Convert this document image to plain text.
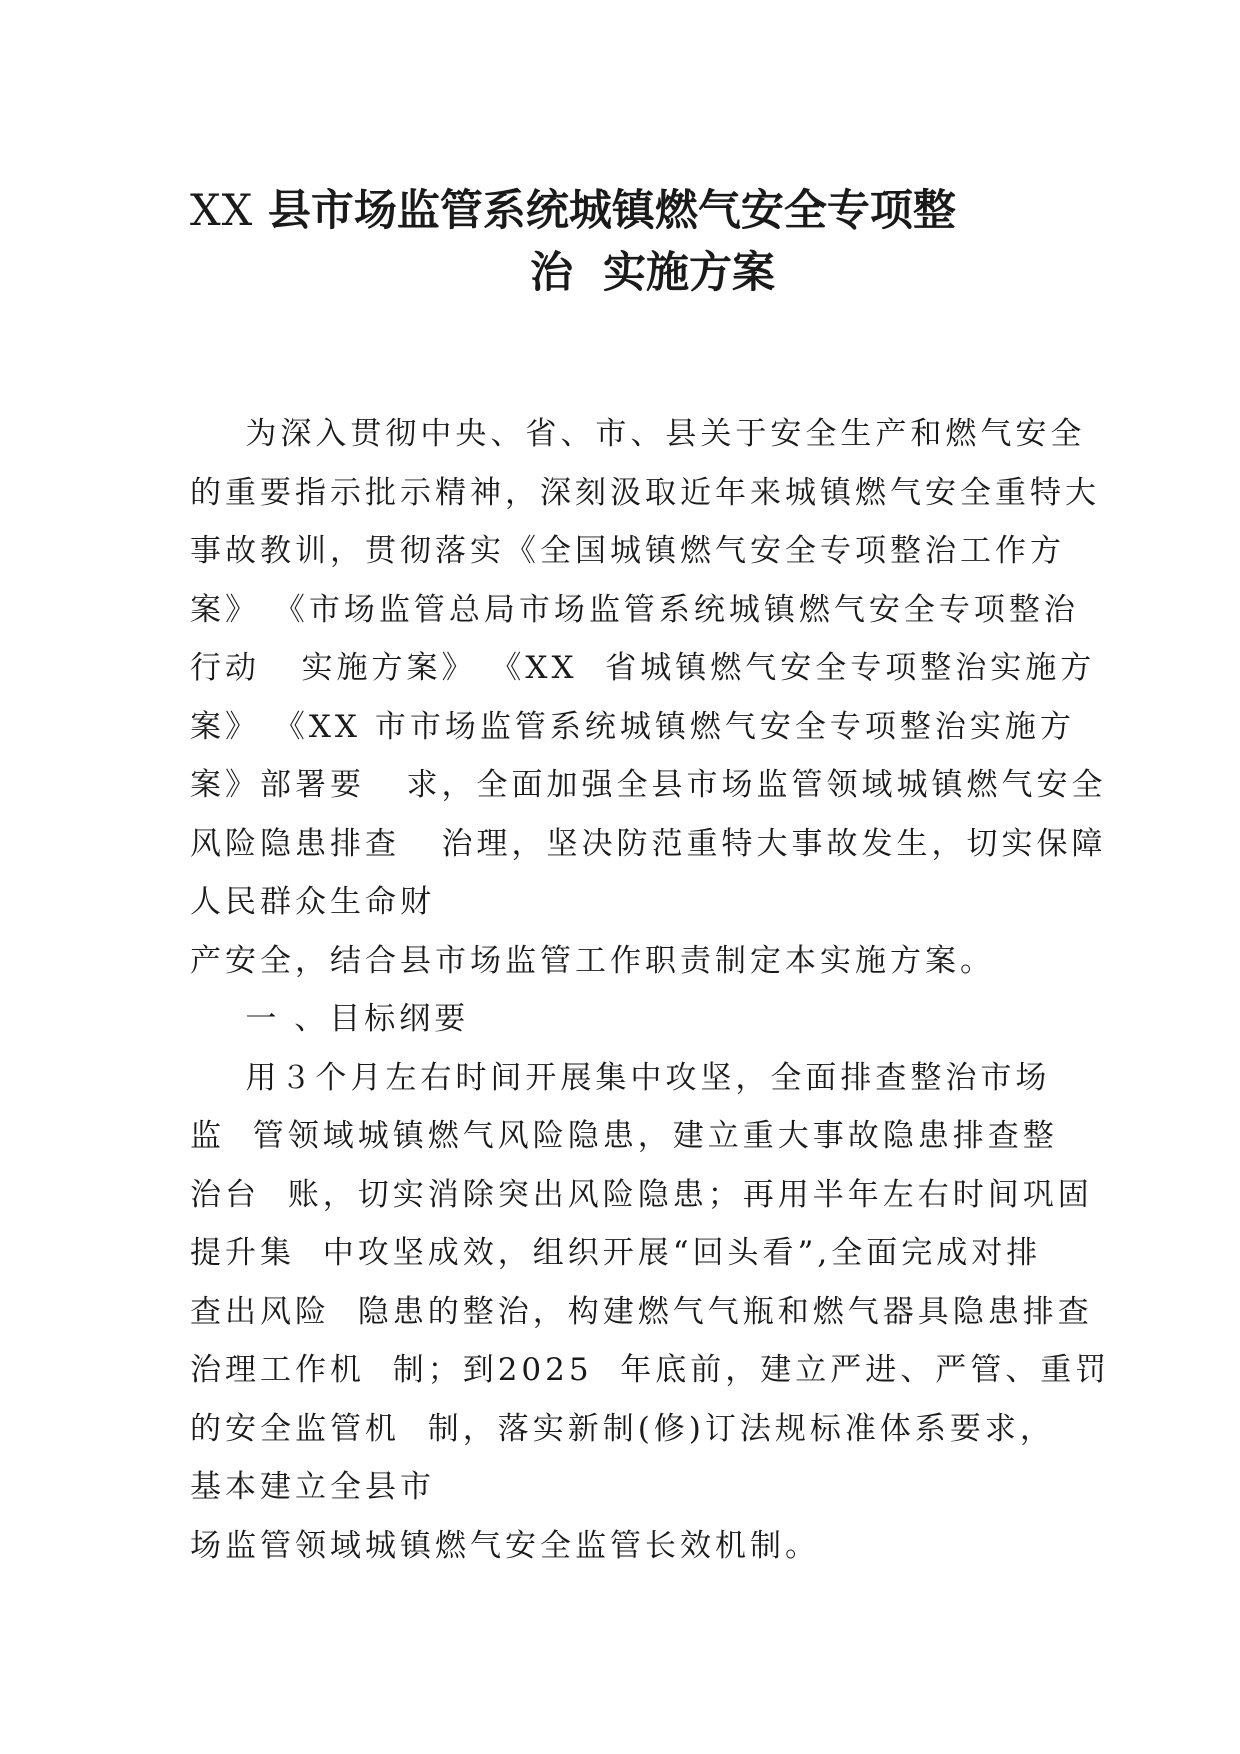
XX 县市场监管系统城镇燃气安全专项整
治  实施方案
为深入贯彻中央、省、市、县关于安全生产和燃气安全
的重要指示批示精神，深刻汲取近年来城镇燃气安全重特大
事故教训，贯彻落实《全国城镇燃气安全专项整治工作方
案》 《市场监管总局市场监管系统城镇燃气安全专项整治
行动   实施方案》 《XX  省城镇燃气安全专项整治实施方
案》 《XX 市市场监管系统城镇燃气安全专项整治实施方
案》部署要   求，全面加强全县市场监管领域城镇燃气安全
风险隐患排查   治理，坚决防范重特大事故发生，切实保障
人民群众生命财
产安全，结合县市场监管工作职责制定本实施方案。
一 、目标纲要
用３个月左右时间开展集中攻坚，全面排查整治市场
监  管领域城镇燃气风险隐患，建立重大事故隐患排查整
治台  账，切实消除突出风险隐患；再用半年左右时间巩固
提升集  中攻坚成效，组织开展“回头看”,全面完成对排
查出风险  隐患的整治，构建燃气气瓶和燃气器具隐患排查
治理工作机  制；到2025  年底前，建立严进、严管、重罚
的安全监管机  制，落实新制(修)订法规标准体系要求，
基本建立全县市
场监管领域城镇燃气安全监管长效机制。
